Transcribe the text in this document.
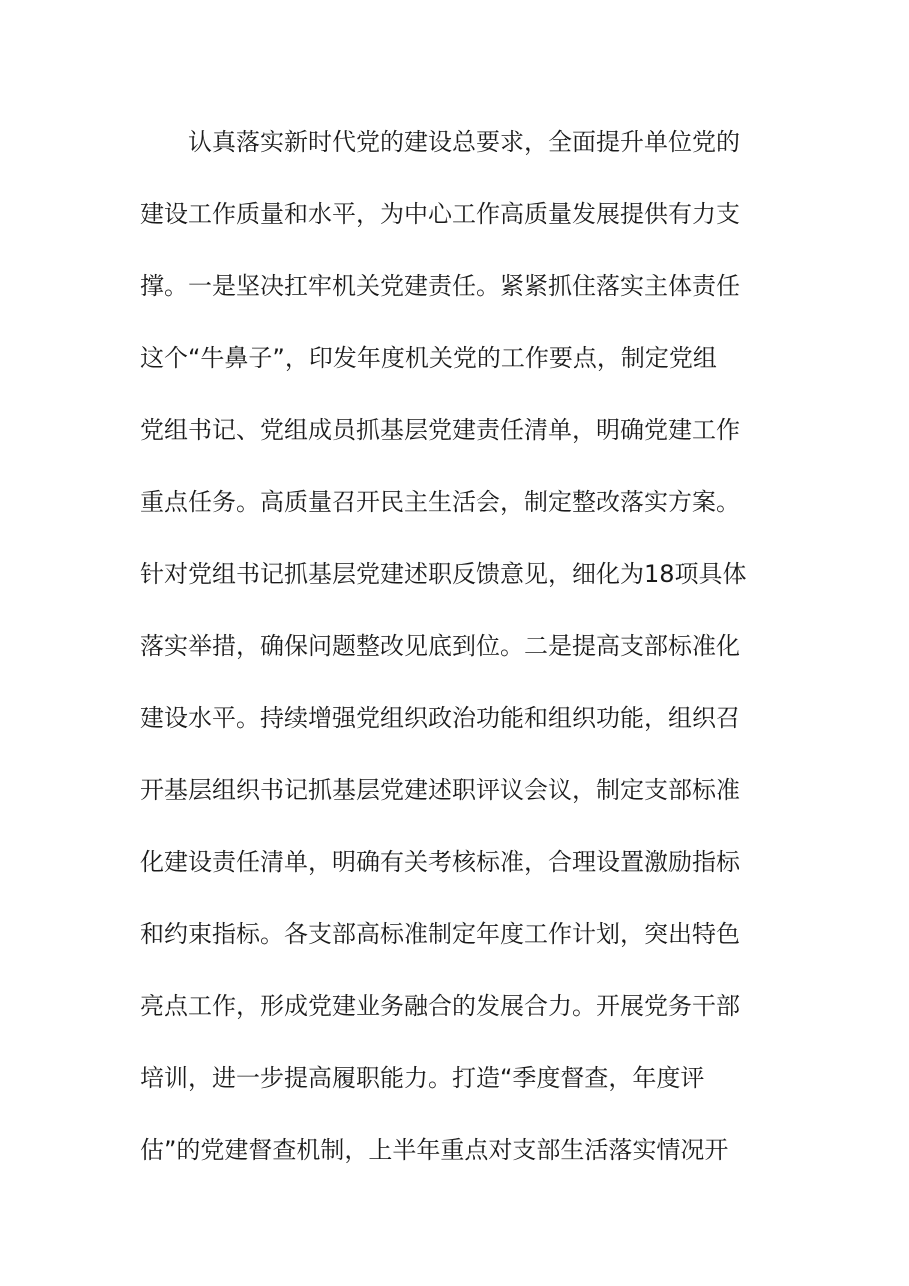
认真落实新时代党的建设总要求，全面提升单位党的
建设工作质量和水平，为中心工作高质量发展提供有力支
撑。一是坚决扛牢机关党建责任。紧紧抓住落实主体责任
这个“牛鼻子”，印发年度机关党的工作要点，制定党组
党组书记、党组成员抓基层党建责任清单，明确党建工作
重点任务。高质量召开民主生活会，制定整改落实方案。
针对党组书记抓基层党建述职反馈意见，细化为18项具体
落实举措，确保问题整改见底到位。二是提高支部标准化
建设水平。持续增强党组织政治功能和组织功能，组织召
开基层组织书记抓基层党建述职评议会议，制定支部标准
化建设责任清单，明确有关考核标准，合理设置激励指标
和约束指标。各支部高标准制定年度工作计划，突出特色
亮点工作，形成党建业务融合的发展合力。开展党务干部
培训，进一步提高履职能力。打造“季度督查，年度评
估”的党建督查机制，上半年重点对支部生活落实情况开
